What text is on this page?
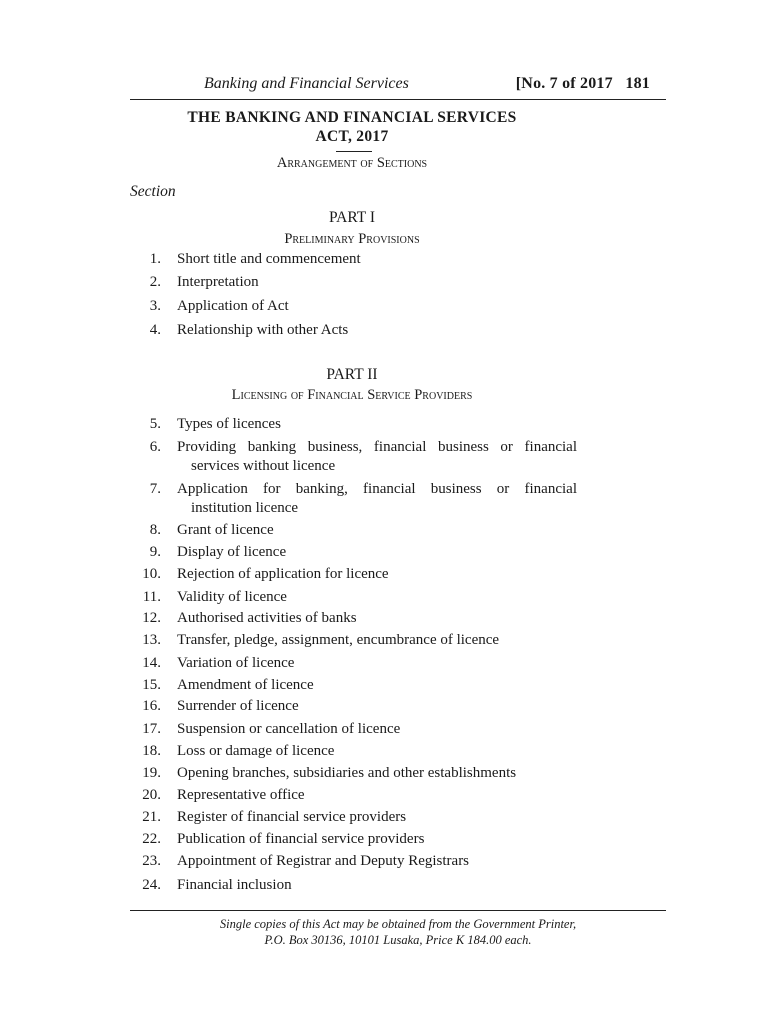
Banking and Financial Services	[No. 7 of 2017   181
THE BANKING AND FINANCIAL SERVICES
ACT, 2017
Arrangement of Sections
Section
PART I
Preliminary Provisions
1. Short title and commencement
2. Interpretation
3. Application of Act
4. Relationship with other Acts
PART II
Licensing of Financial Service Providers
5. Types of licences
6. Providing banking business, financial business or financial
services without licence
7. Application for banking, financial business or financial
institution licence
8. Grant of licence
9. Display of licence
10. Rejection of application for licence
11. Validity of licence
12. Authorised activities of banks
13. Transfer, pledge, assignment, encumbrance of licence
14. Variation of licence
15. Amendment of licence
16. Surrender of licence
17. Suspension or cancellation of licence
18. Loss or damage of licence
19. Opening branches, subsidiaries and other establishments
20. Representative office
21. Register of financial service providers
22. Publication of financial service providers
23. Appointment of Registrar and Deputy Registrars
24. Financial inclusion
Single copies of this Act may be obtained from the Government Printer,
P.O. Box 30136, 10101 Lusaka, Price K 184.00 each.
